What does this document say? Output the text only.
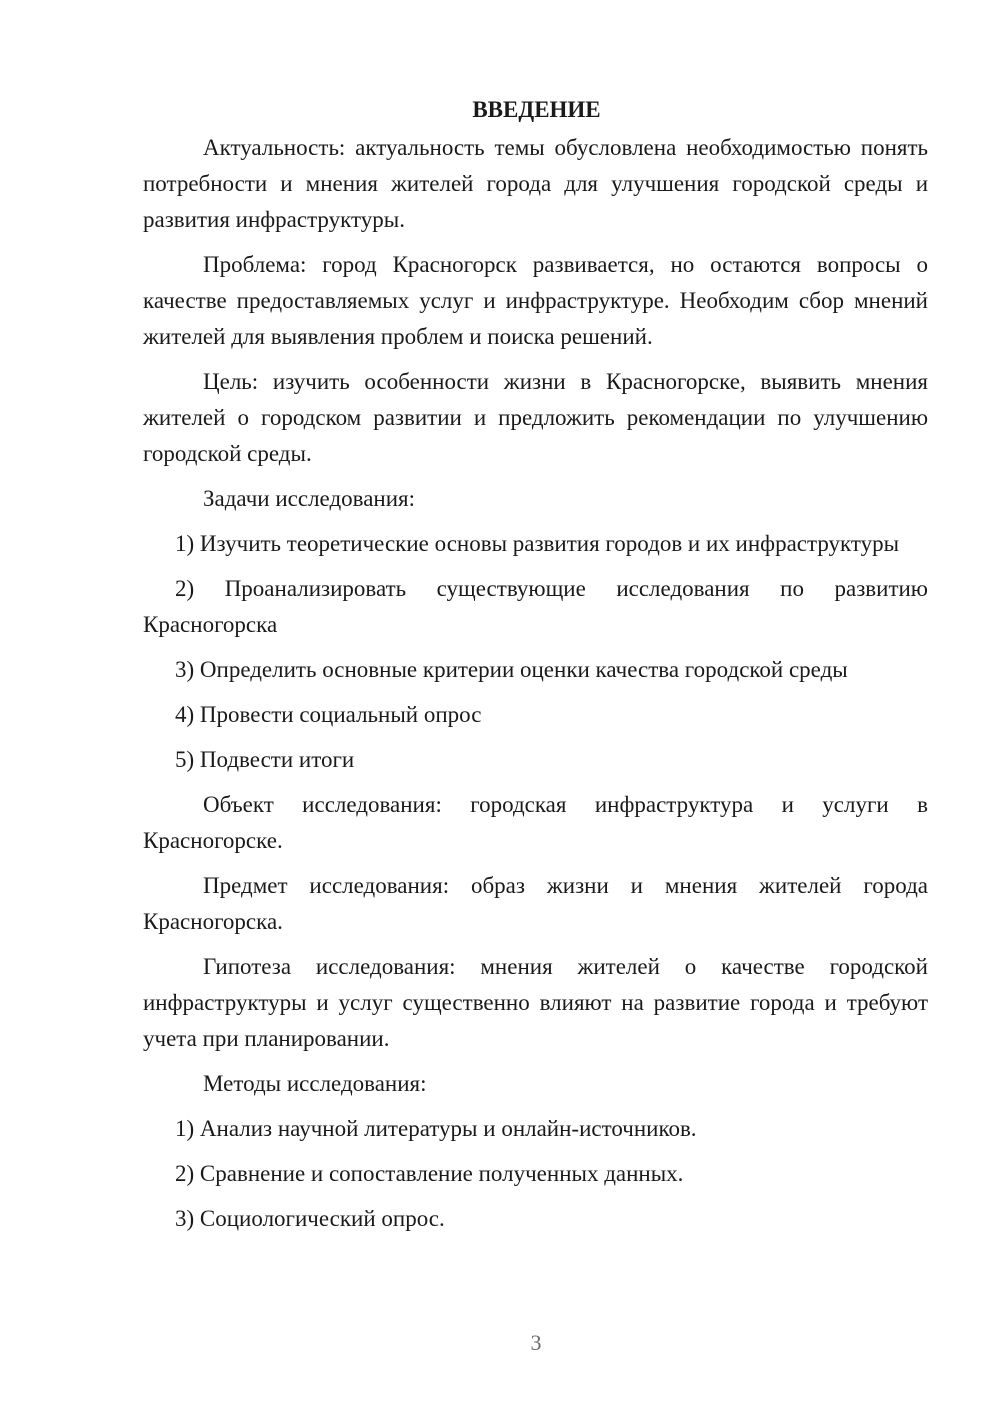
ВВЕДЕНИЕ

Актуальность: актуальность темы обусловлена необходимостью понять потребности и мнения жителей города для улучшения городской среды и развития инфраструктуры.

Проблема: город Красногорск развивается, но остаются вопросы о качестве предоставляемых услуг и инфраструктуре. Необходим сбор мнений жителей для выявления проблем и поиска решений.

Цель: изучить особенности жизни в Красногорске, выявить мнения жителей о городском развитии и предложить рекомендации по улучшению городской среды.

Задачи исследования:

1) Изучить теоретические основы развития городов и их инфраструктуры

2) Проанализировать существующие исследования по развитию Красногорска

3) Определить основные критерии оценки качества городской среды

4) Провести социальный опрос

5) Подвести итоги

Объект исследования: городская инфраструктура и услуги в Красногорске.

Предмет исследования: образ жизни и мнения жителей города Красногорска.

Гипотеза исследования: мнения жителей о качестве городской инфраструктуры и услуг существенно влияют на развитие города и требуют учета при планировании.

Методы исследования:

1) Анализ научной литературы и онлайн-источников.

2) Сравнение и сопоставление полученных данных.

3) Социологический опрос.

3
